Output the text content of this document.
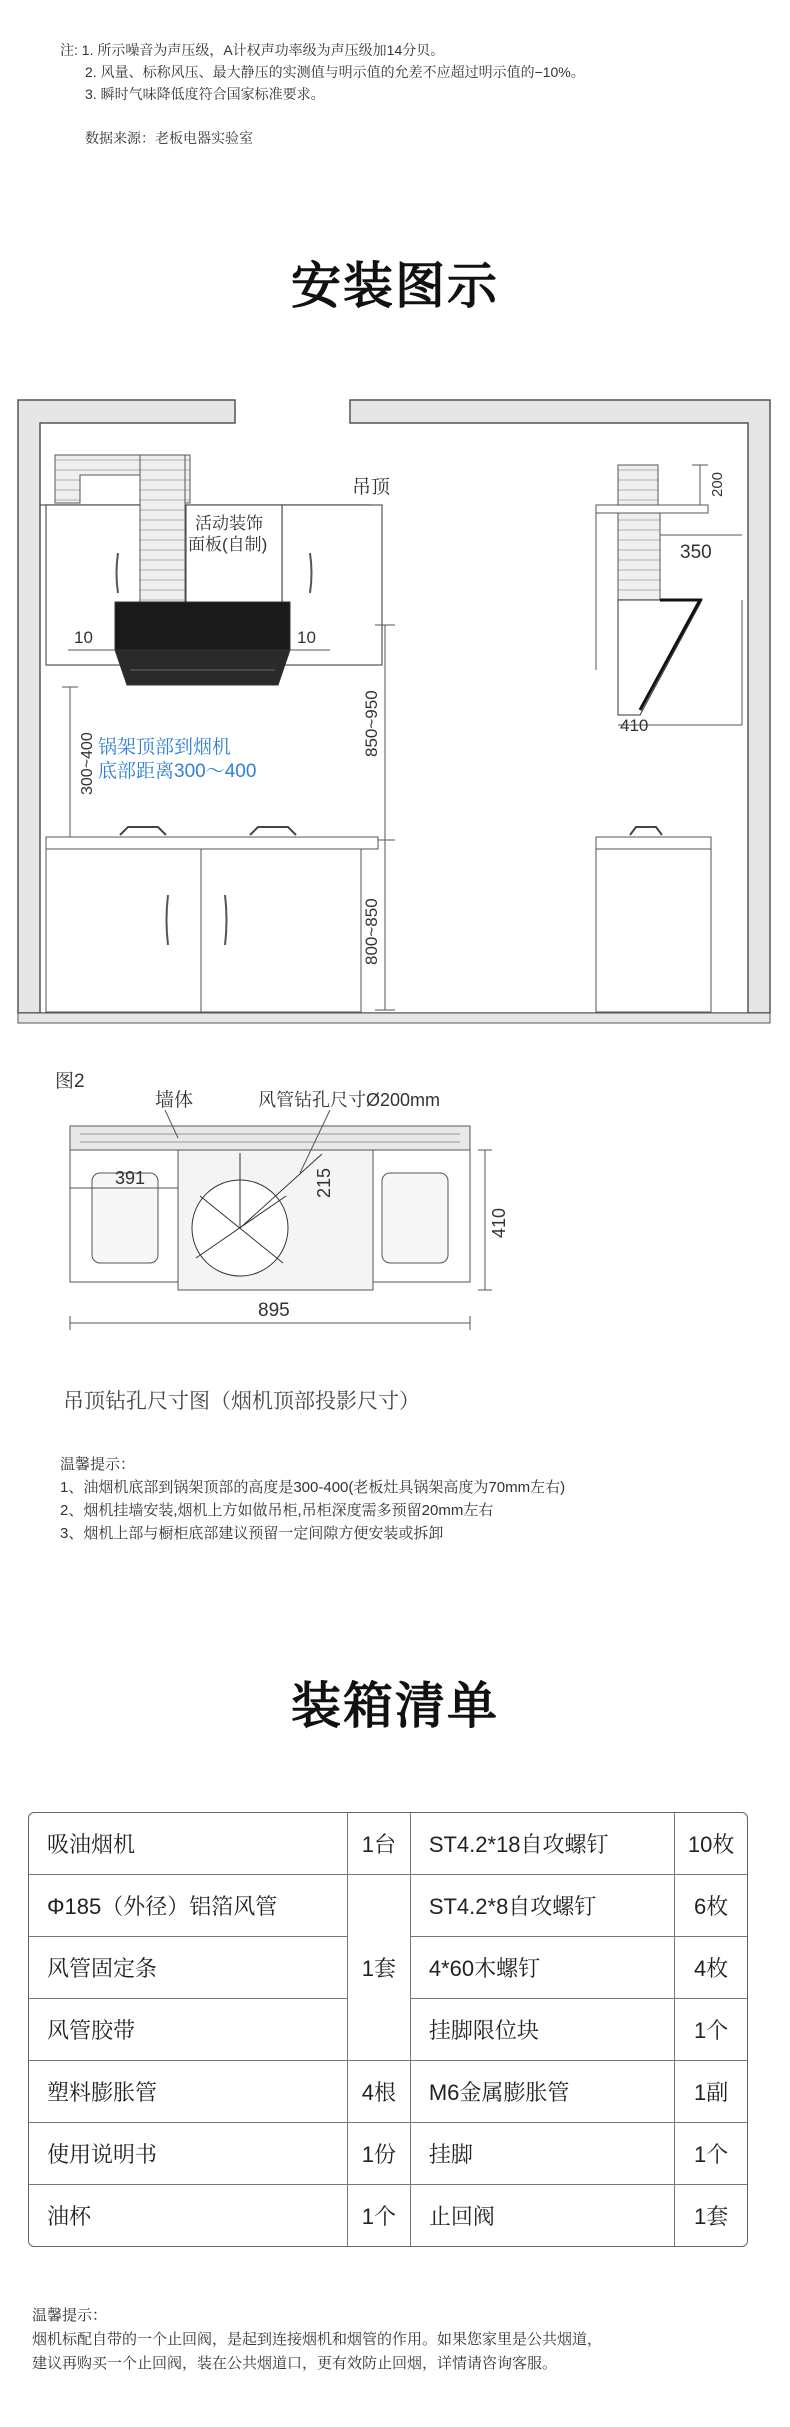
注: 1. 所示噪音为声压级，A计权声功率级为声压级加14分贝。
2. 风量、标称风压、最大静压的实测值与明示值的允差不应超过明示值的−10%。
3. 瞬时气味降低度符合国家标准要求。
数据来源：老板电器实验室
安装图示
吊顶
活动装饰
面板(自制)
10	10
850~950
300~400 锅架顶部到烟机
底部距离300～400
800~850
200
350
410
图2
墙体	风管钻孔尺寸Ø200mm
391	215
410
895
吊顶钻孔尺寸图（烟机顶部投影尺寸）
温馨提示：
1、油烟机底部到锅架顶部的高度是300-400(老板灶具锅架高度为70mm左右)
2、烟机挂墙安装,烟机上方如做吊柜,吊柜深度需多预留20mm左右
3、烟机上部与橱柜底部建议预留一定间隙方便安装或拆卸
装箱清单
吸油烟机	1台	ST4.2*18自攻螺钉	10枚
Φ185（外径）铝箔风管	1套	ST4.2*8自攻螺钉	6枚
风管固定条		4*60木螺钉	4枚
风管胶带		挂脚限位块	1个
塑料膨胀管	4根	M6金属膨胀管	1副
使用说明书	1份	挂脚	1个
油杯	1个	止回阀	1套
温馨提示：
烟机标配自带的一个止回阀，是起到连接烟机和烟管的作用。如果您家里是公共烟道，
建议再购买一个止回阀，装在公共烟道口，更有效防止回烟，详情请咨询客服。
